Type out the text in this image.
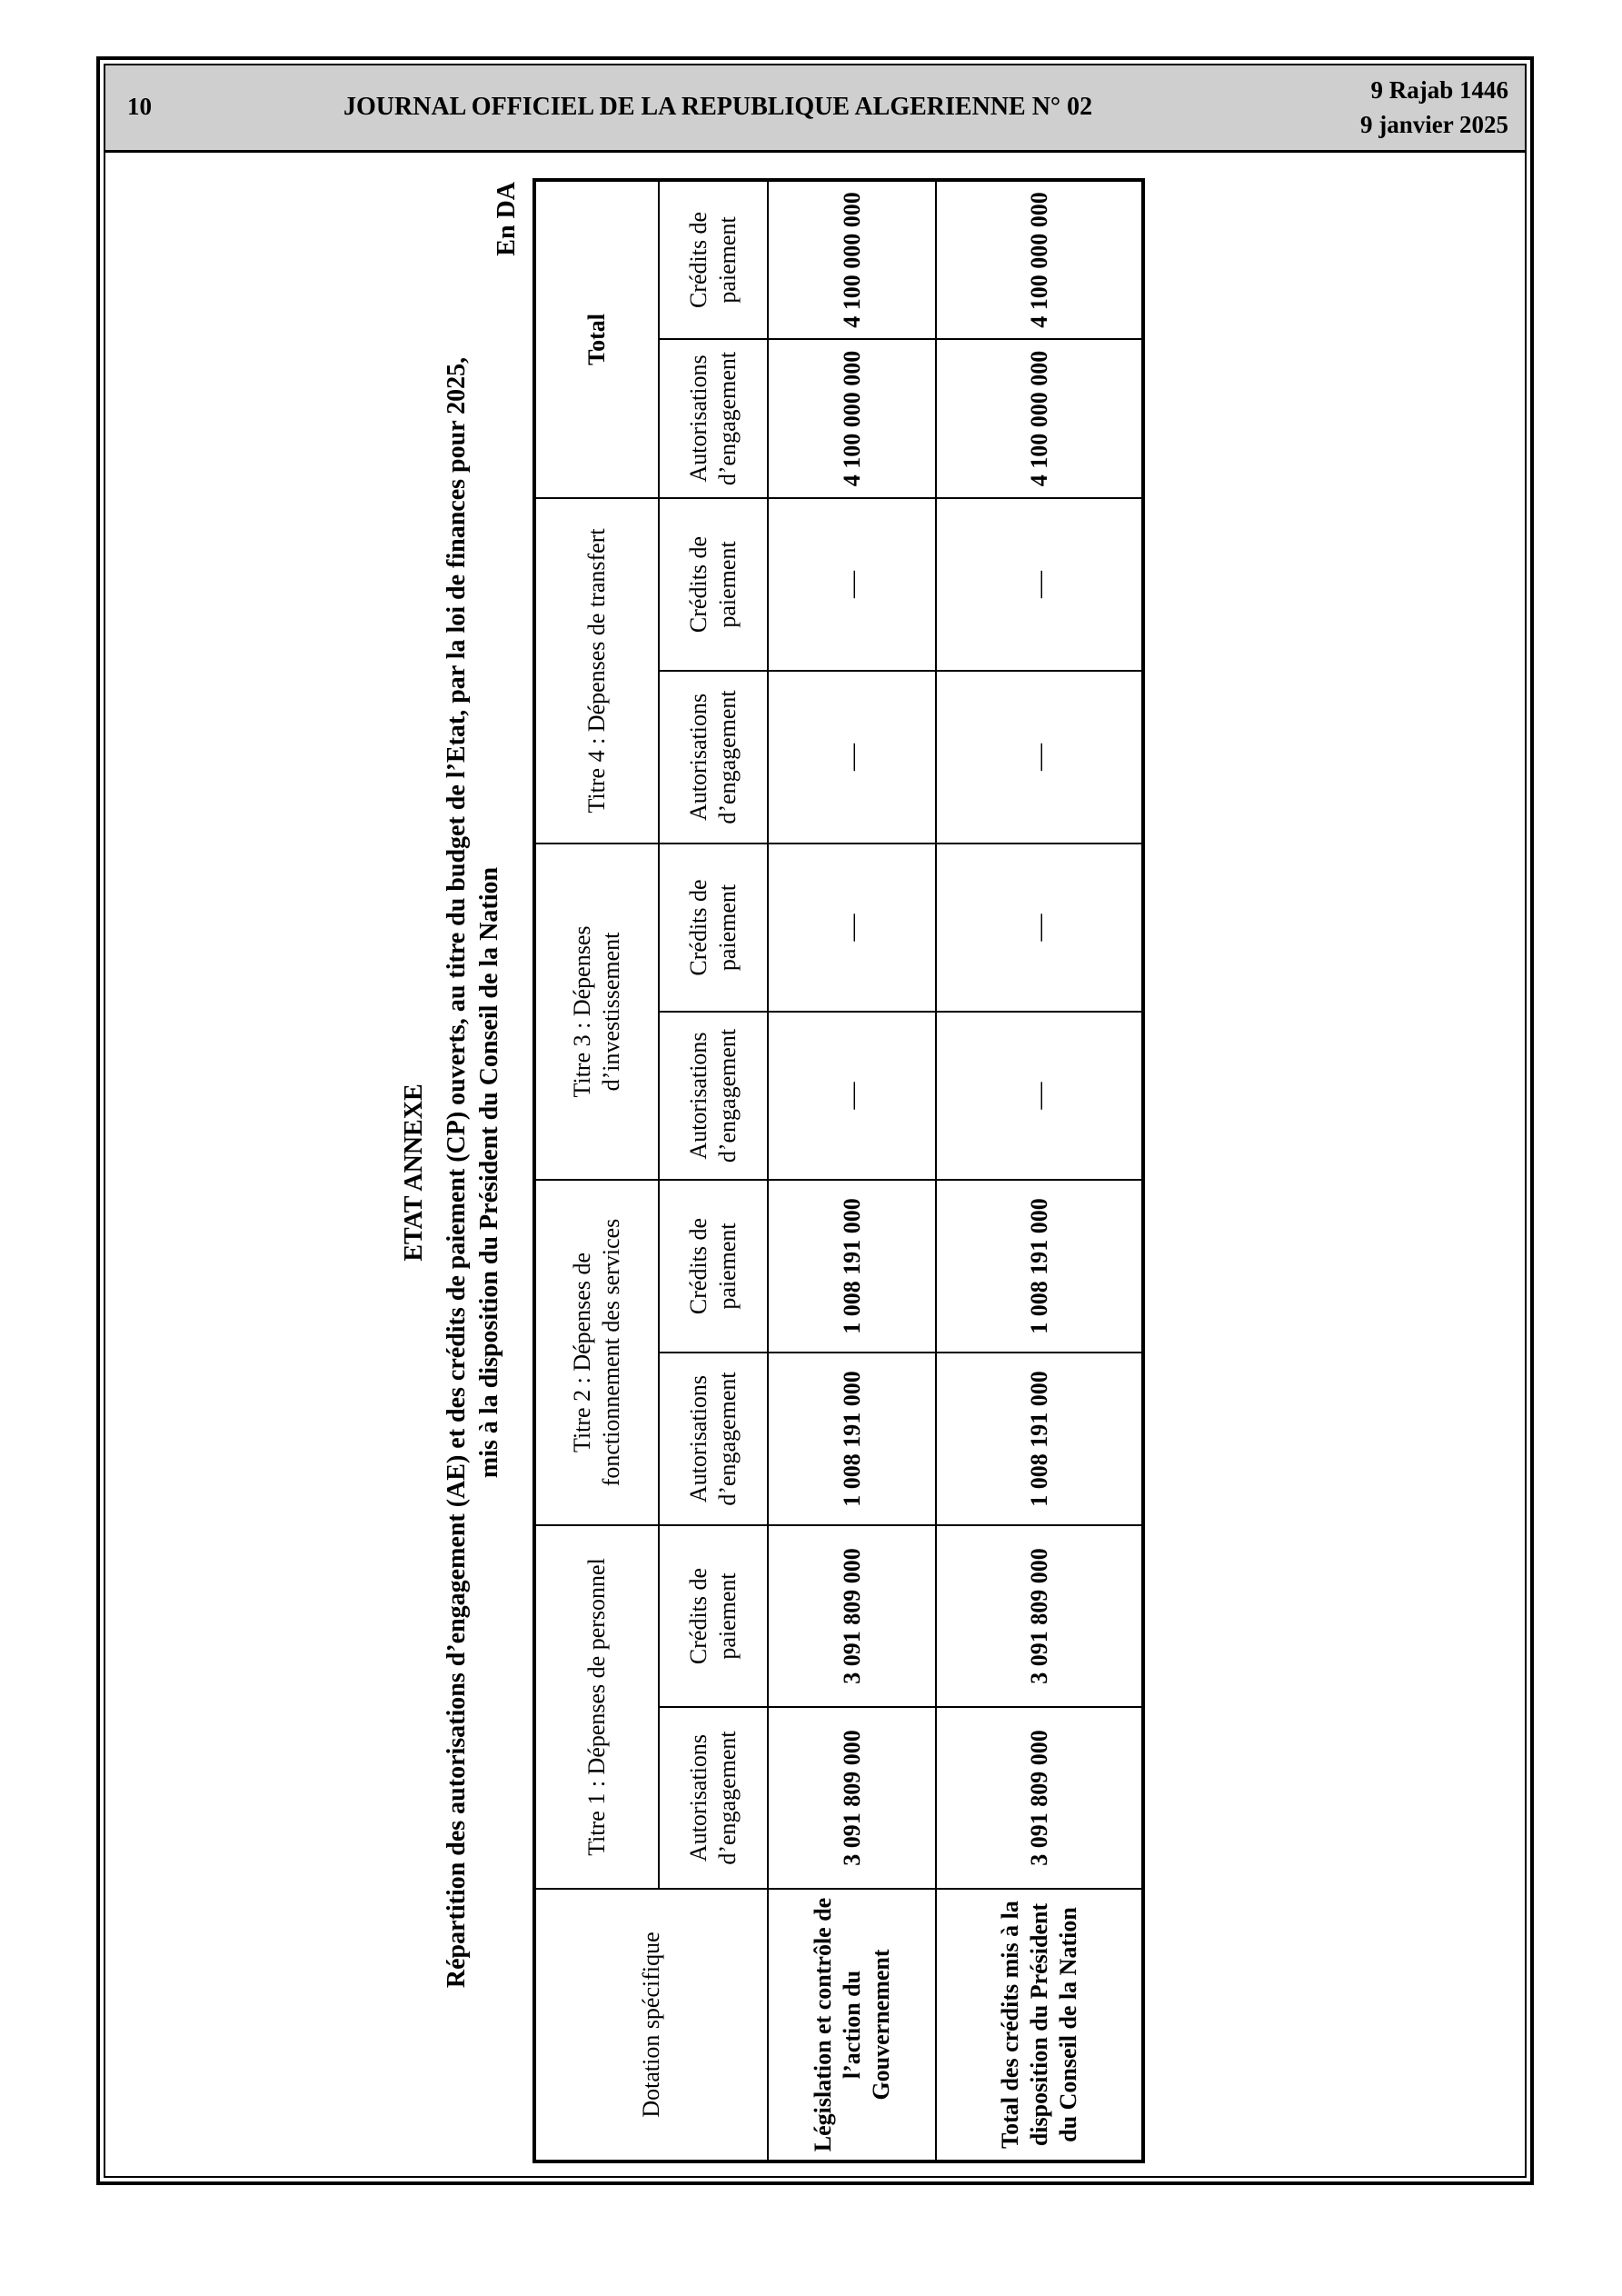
10	JOURNAL OFFICIEL DE LA REPUBLIQUE ALGERIENNE N° 02
9 Rajab 1446
9 janvier 2025
ETAT ANNEXE Répartition des autorisations d’engagement (AE) et des crédits de paiement (CP) ouverts, au titre du budget de l’Etat, par la loi de finances pour 2025, mis à la disposition du Président du Conseil de la Nation
En DA
Dotation spécifique	Titre 1 : Dépenses de personnel		Titre 2 : Dépenses de fonctionnement des services		Titre 3 : Dépenses d’investissement		Titre 4 : Dépenses de transfert		Total	
	Autorisations d’engagement	Crédits de paiement	Autorisations d’engagement	Crédits de paiement	Autorisations d’engagement	Crédits de paiement	Autorisations d’engagement	Crédits de paiement	Autorisations d’engagement	Crédits de paiement
Législation et contrôle de l’action du Gouvernement	3 091 809 000	3 091 809 000	1 008 191 000	1 008 191 000	—	—	—	—	4 100 000 000	4 100 000 000
Total des crédits mis à la disposition du Président du Conseil de la Nation	3 091 809 000	3 091 809 000	1 008 191 000	1 008 191 000	—	—	—	—	4 100 000 000	4 100 000 000
